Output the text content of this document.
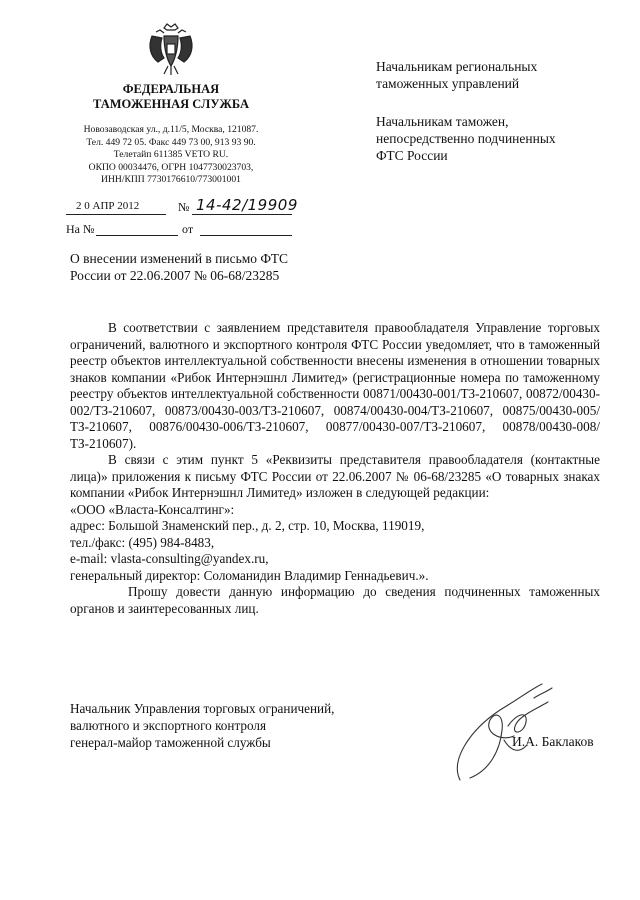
ФЕДЕРАЛЬНАЯ
ТАМОЖЕННАЯ СЛУЖБА
Новозаводская ул., д.11/5, Москва, 121087.
Тел. 449 72 05. Факс 449 73 00, 913 93 90.
Телетайп 611385 VETO RU.
ОКПО 00034476, ОГРН 1047730023703,
ИНН/КПП 7730176610/773001001
2 0 АПР 2012	№ 14-42/19909
На №	от
Начальникам региональных
таможенных управлений
Начальникам таможен,
непосредственно подчиненных
ФТС России
О внесении изменений в письмо ФТС
России от 22.06.2007 № 06-68/23285

В соответствии с заявлением представителя правообладателя Управление торговых ограничений, валютного и экспортного контроля ФТС России уведомляет, что в таможенный реестр объектов интеллектуальной собственности внесены изменения в отношении товарных знаков компании «Рибок Интернэшнл Лимитед» (регистрационные номера по таможенному реестру объектов интеллектуальной собственности 00871/00430-001/ТЗ-210607, 00872/00430-002/ТЗ-210607, 00873/00430-003/ТЗ-210607, 00874/00430-004/ТЗ-210607, 00875/00430-005/ТЗ-210607, 00876/00430-006/ТЗ-210607, 00877/00430-007/ТЗ-210607, 00878/00430-008/ТЗ-210607).

В связи с этим пункт 5 «Реквизиты представителя правообладателя (контактные лица)» приложения к письму ФТС России от 22.06.2007 № 06-68/23285 «О товарных знаках компании «Рибок Интернэшнл Лимитед» изложен в следующей редакции:

«ООО «Власта-Консалтинг»:

адрес: Большой Знаменский пер., д. 2, стр. 10, Москва, 119019,

тел./факс: (495) 984-8483,

e-mail: vlasta-consulting@yandex.ru,

генеральный директор: Соломанидин Владимир Геннадьевич.».

Прошу довести данную информацию до сведения подчиненных таможенных органов и заинтересованных лиц.

Начальник Управления торговых ограничений,
валютного и экспортного контроля
генерал-майор таможенной службы	И.А. Баклаков
